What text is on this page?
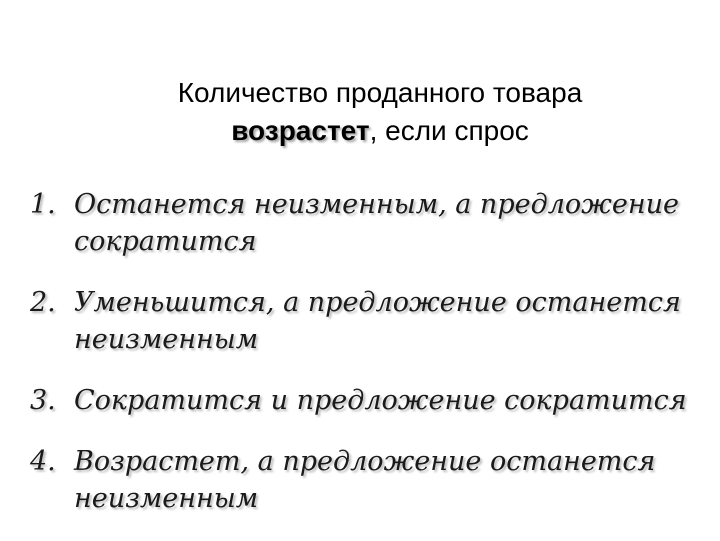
Количество проданного товара
возрастет, если спрос
1. Останется неизменным, а предложение
сократится
2. Уменьшится, а предложение останется
неизменным
3. Сократится и предложение сократится
4. Возрастет, а предложение останется
неизменным
